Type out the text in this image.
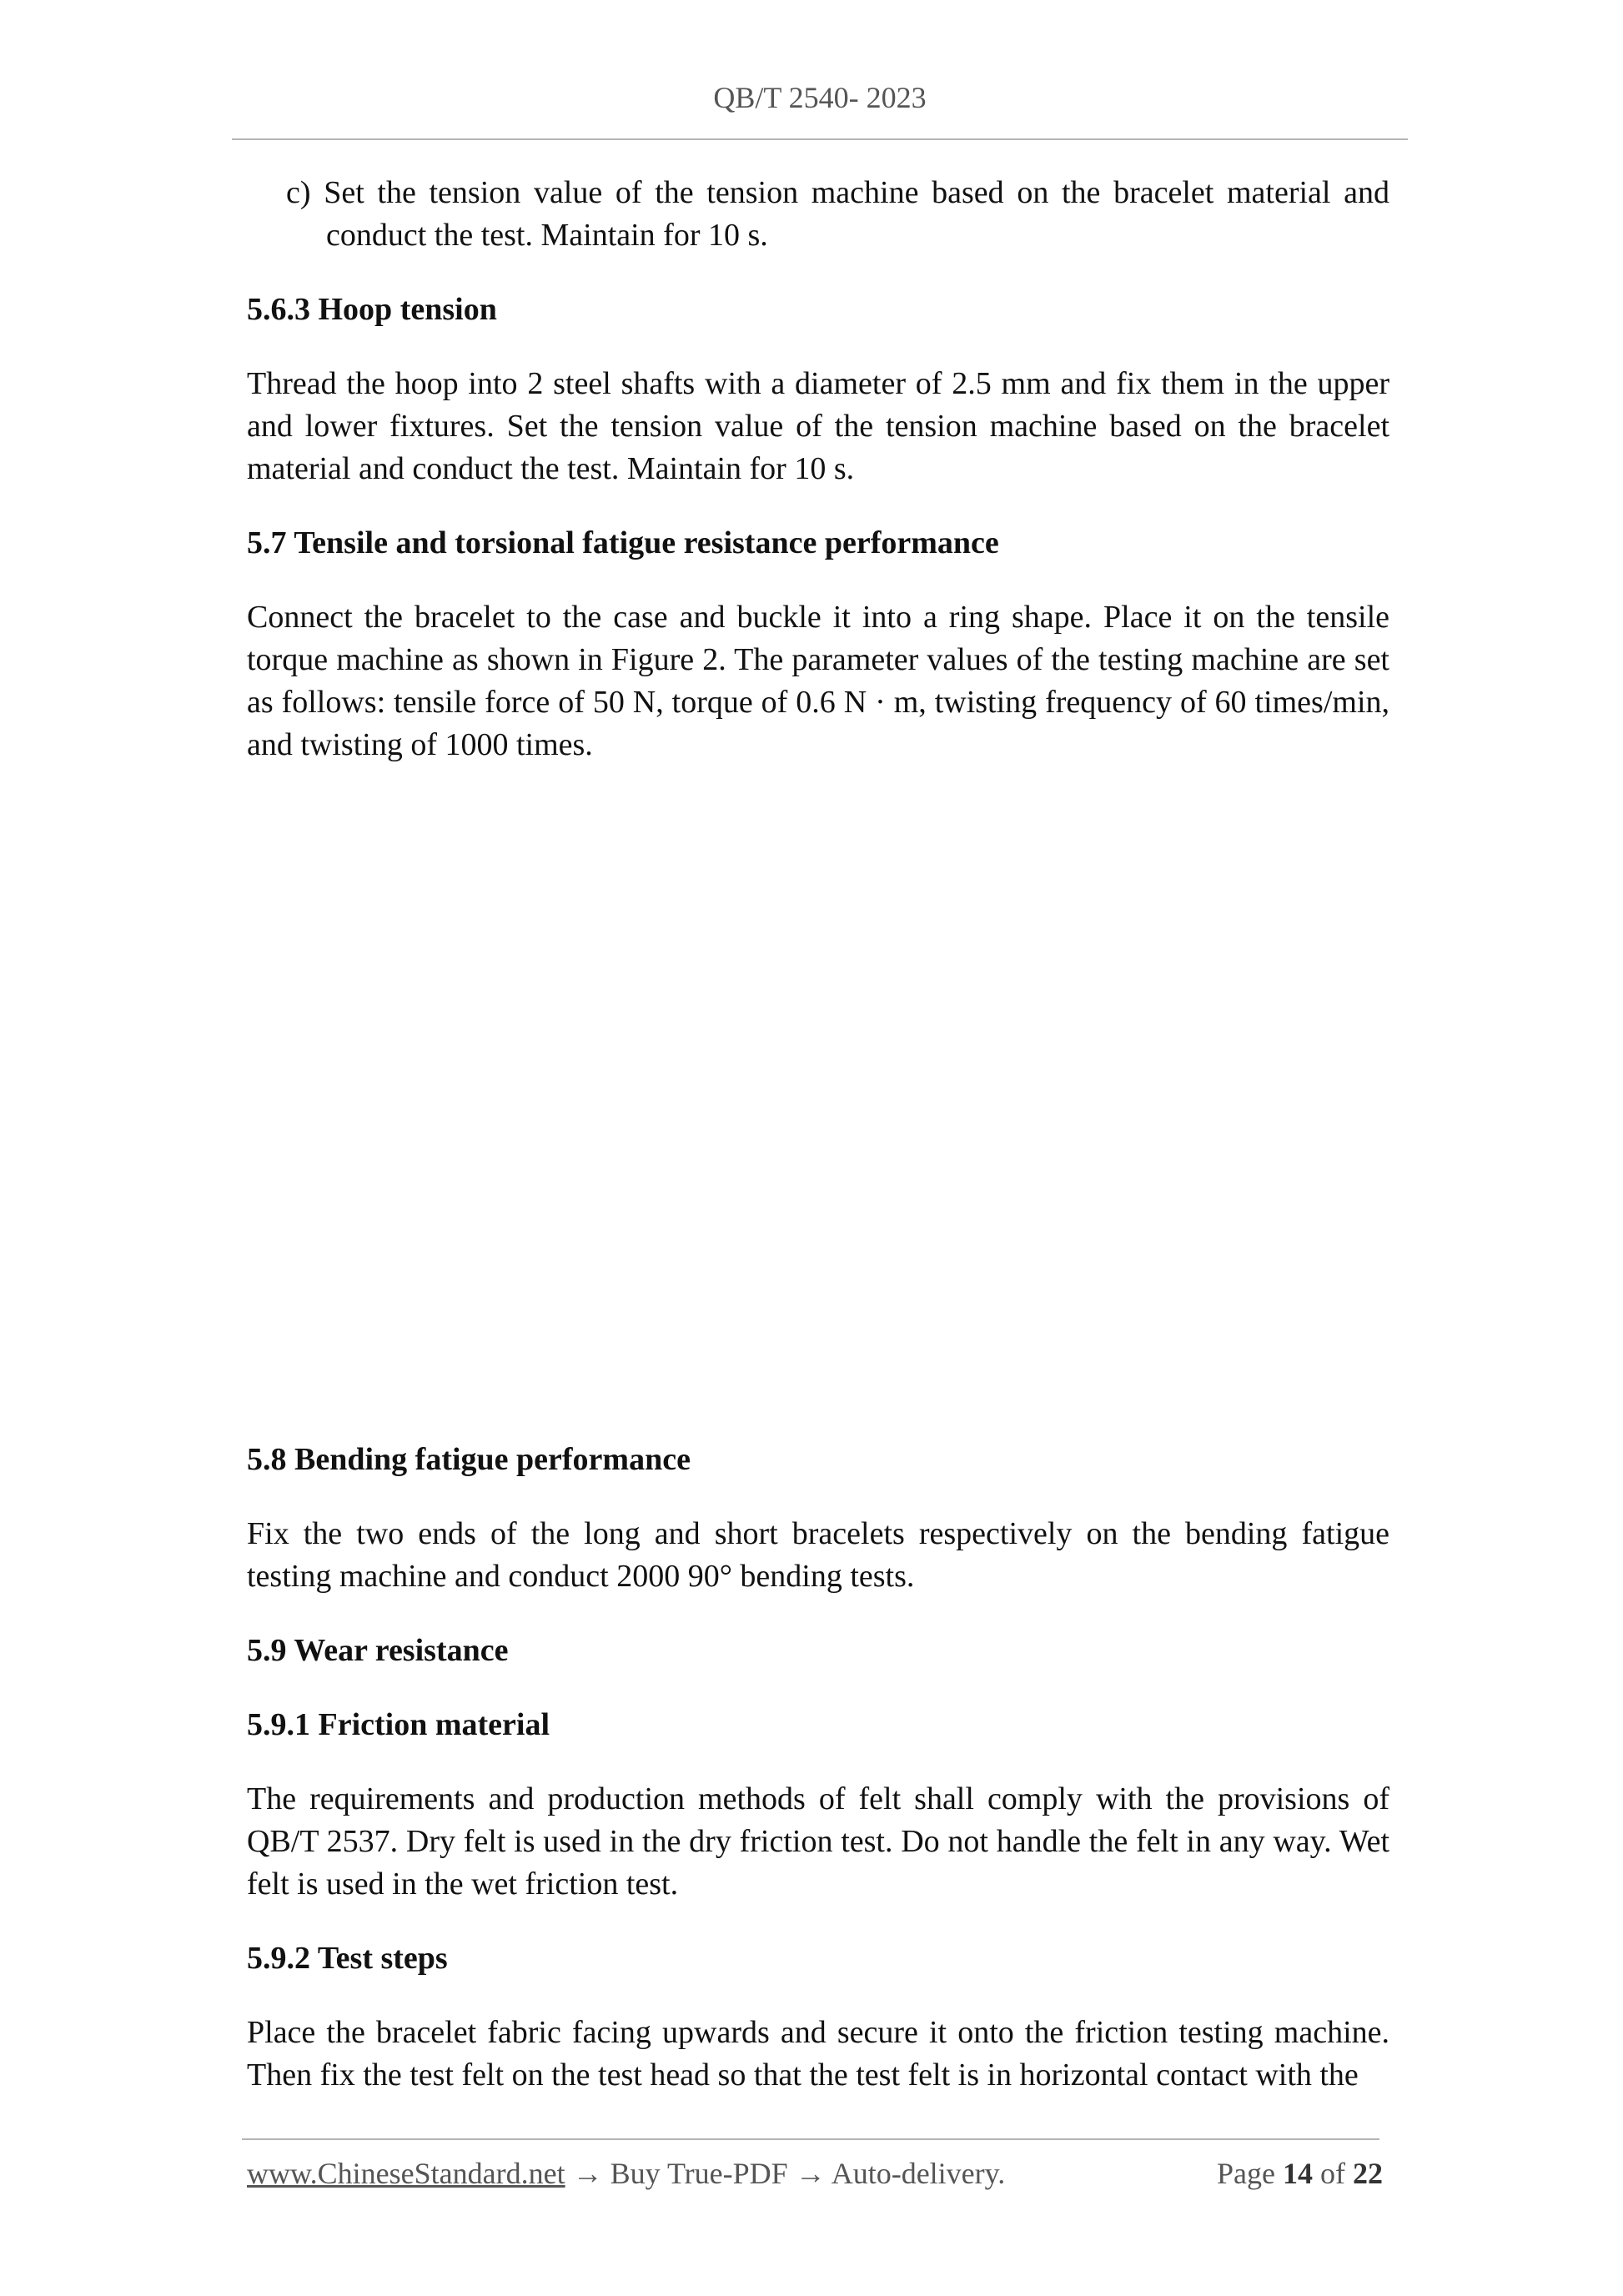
QB/T 2540- 2023

c) Set the tension value of the tension machine based on the bracelet material and conduct the test. Maintain for 10 s.

5.6.3 Hoop tension

Thread the hoop into 2 steel shafts with a diameter of 2.5 mm and fix them in the upper and lower fixtures. Set the tension value of the tension machine based on the bracelet material and conduct the test. Maintain for 10 s.

5.7 Tensile and torsional fatigue resistance performance

Connect the bracelet to the case and buckle it into a ring shape. Place it on the tensile torque machine as shown in Figure 2. The parameter values of the testing machine are set as follows: tensile force of 50 N, torque of 0.6 N · m, twisting frequency of 60 times/min, and twisting of 1000 times.

5.8 Bending fatigue performance

Fix the two ends of the long and short bracelets respectively on the bending fatigue testing machine and conduct 2000 90° bending tests.

5.9 Wear resistance

5.9.1 Friction material

The requirements and production methods of felt shall comply with the provisions of QB/T 2537. Dry felt is used in the dry friction test. Do not handle the felt in any way. Wet felt is used in the wet friction test.

5.9.2 Test steps

Place the bracelet fabric facing upwards and secure it onto the friction testing machine. Then fix the test felt on the test head so that the test felt is in horizontal contact with the

www.ChineseStandard.net → Buy True-PDF → Auto-delivery.	Page 14 of 22
